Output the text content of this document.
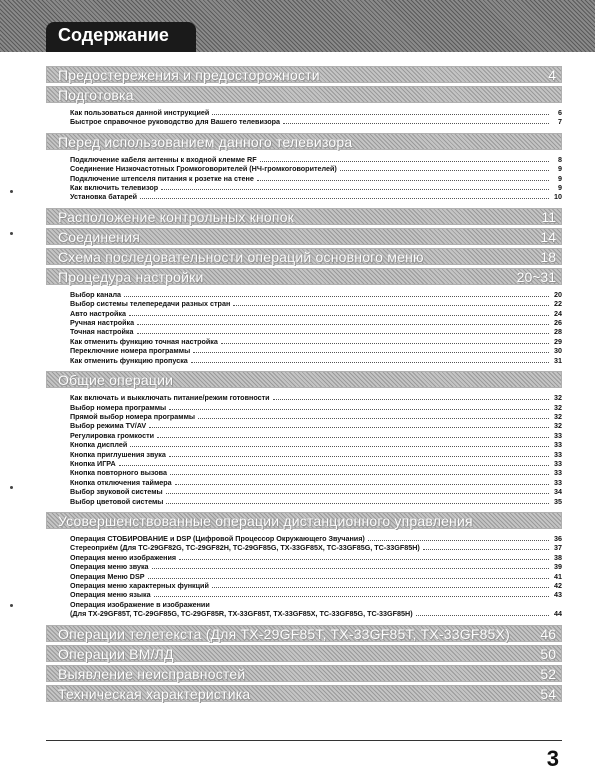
Содержание
Предостережения и предосторожности	4
Подготовка
Как пользоваться данной инструкцией	6
Быстрое справочное руководство для Вашего телевизора	7
Перед использованием данного телевизора
Подключение кабеля антенны к входной клемме RF	8
Соединение Низкочастотных Громкоговорителей (НЧ-громкоговорителей)	9
Подключение штепселя питания к розетке на стене	9
Как включить телевизор	9
Установка батарей	10
Расположение контрольных кнопок	11
Соединения	14
Схема последовательности операций основного меню	18
Процедура настройки	20~31
Выбор канала	20
Выбор системы телепередачи разных стран	22
Авто настройка	24
Ручная настройка	26
Точная настройка	28
Как отменить функцию точная настройка	29
Переключние номера программы	30
Как отменить функцию пропуска	31
Общие операции
Как включать и выкключать питание/режим готовности	32
Выбор номера программы	32
Прямой выбор номера программы	32
Выбор режима TV/AV	32
Регулировка громкости	33
Кнопка дисплей	33
Кнопка приглушения звука	33
Кнопка ИГРА	33
Кнопка повторного вызова	33
Кнопка отключения таймера	33
Выбор звуковой системы	34
Выбор цветовой системы	35
Усовершенствованные операции дистанционного управления
Операция СТОБИРОВАНИЕ и DSP (Цифровой Процессор Окружающего Звучания)	36
Стереоприём (Для TC-29GF82G, TC-29GF82H, TC-29GF85G, TX-33GF85X, TC-33GF85G, TC-33GF85H)	37
Операция меню изображения	38
Операция меню звука	39
Операция Меню DSP	41
Операция меню характерных функций	42
Операция меню языка	43
Операция изображение в изображении
(Для TX-29GF85T, TC-29GF85G, TC-29GF85R, TX-33GF85T, TX-33GF85X, TC-33GF85G, TC-33GF85H)	44
Операции телетекста (Для TX-29GF85T, TX-33GF85T, TX-33GF85X) 46
Операции ВМ/ЛД	50
Выявление неисправностей	52
Техническая характеристика	54
3
